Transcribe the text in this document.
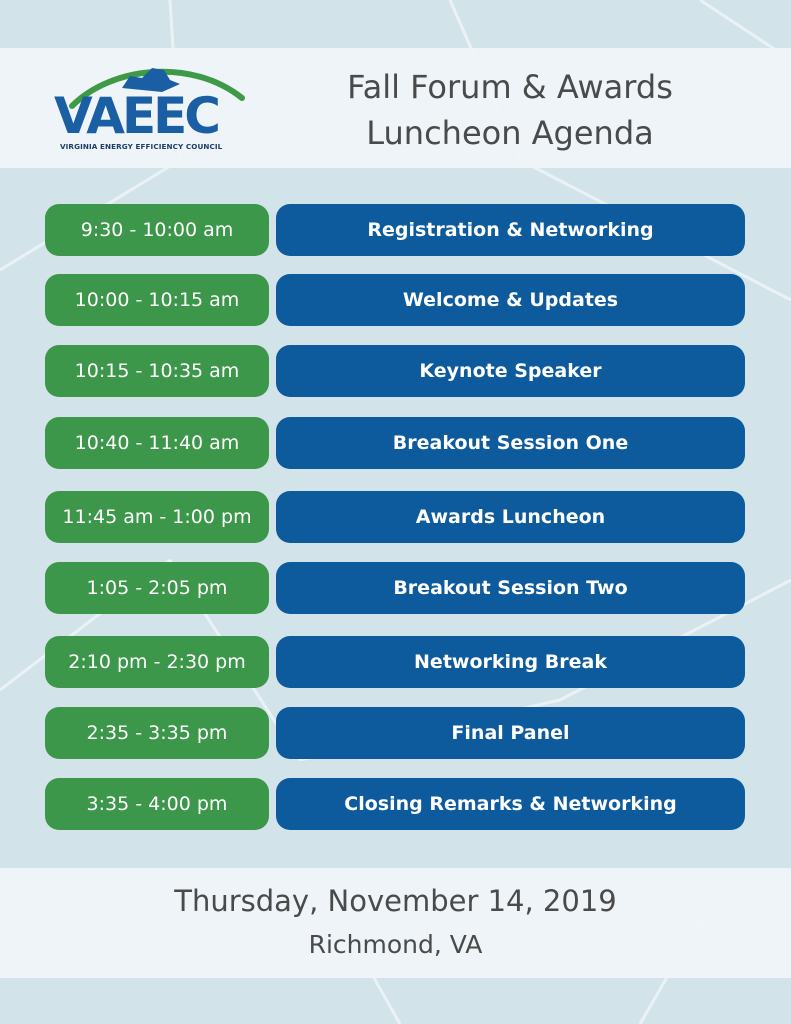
VAEEC
VIRGINIA ENERGY EFFICIENCY COUNCIL
Fall Forum & Awards
Luncheon Agenda
9:30 - 10:00 am	Registration & Networking
10:00 - 10:15 am	Welcome & Updates
10:15 - 10:35 am	Keynote Speaker
10:40 - 11:40 am	Breakout Session One
11:45 am - 1:00 pm	Awards Luncheon
1:05 - 2:05 pm	Breakout Session Two
2:10 pm - 2:30 pm	Networking Break
2:35 - 3:35 pm	Final Panel
3:35 - 4:00 pm	Closing Remarks & Networking
Thursday, November 14, 2019
Richmond, VA
